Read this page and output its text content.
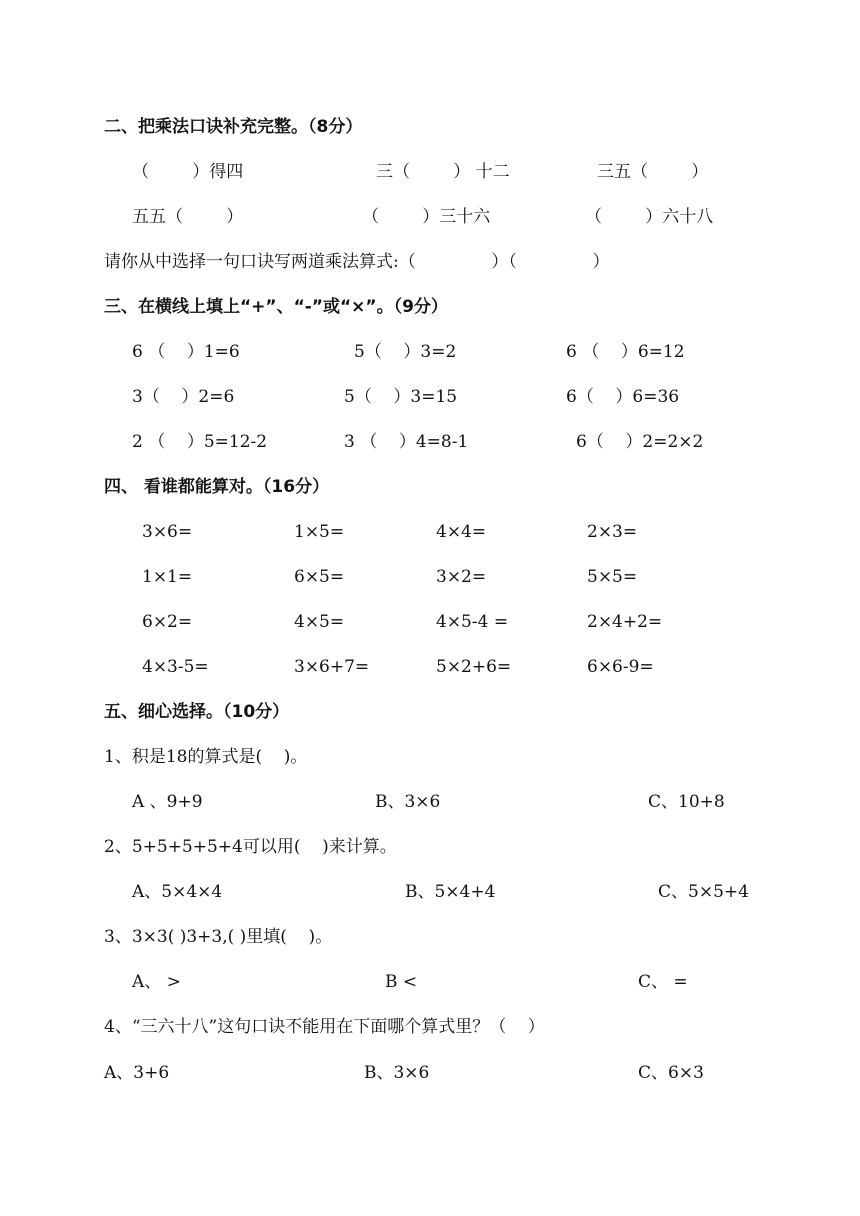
二、把乘法口诀补充完整。（8分）
（        ）得四	三（        ） 十二	三五（        ）
五五（        ）	（        ）三十六	（        ）六十八
请你从中选择一句口诀写两道乘法算式:（              ）（              ）
三、在横线上填上“+”、“-”或“×”。（9分）
6 （    ）1=6	5（    ）3=2	6 （    ）6=12
3（    ）2=6	5（    ）3=15	6（    ）6=36
2 （    ）5=12-2	3 （    ）4=8-1	6（    ）2=2×2
四、 看谁都能算对。（16分）
3×6=	1×5=	4×4=	2×3=
1×1=	6×5=	3×2=	5×5=
6×2=	4×5=	4×5-4 =	2×4+2=
4×3-5=	3×6+7=	5×2+6=	6×6-9=
五、细心选择。（10分）
1、积是18的算式是(    )。
A 、9+9	B、3×6	C、10+8
2、5+5+5+5+4可以用(    )来计算。
A、5×4×4	B、5×4+4	C、5×5+4
3、3×3( )3+3,( )里填(    )。
A、 >	B <	C、 =
4、“三六十八”这句口诀不能用在下面哪个算式里？（    ）
A、3+6	B、3×6	C、6×3
